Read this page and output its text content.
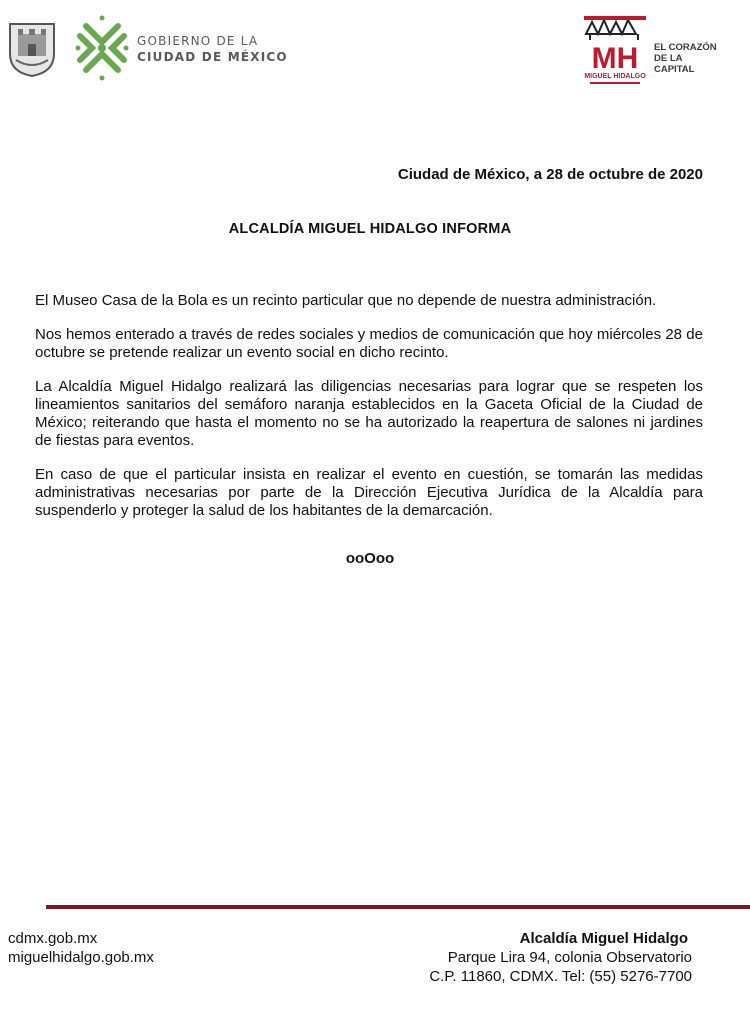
GOBIERNO DE LA
CIUDAD DE MÉXICO	MH
MIGUEL HIDALGO
EL CORAZÓN
DE LA
CAPITAL
Ciudad de México, a 28 de octubre de 2020
ALCALDÍA MIGUEL HIDALGO INFORMA

El Museo Casa de la Bola es un recinto particular que no depende de nuestra administración.

Nos hemos enterado a través de redes sociales y medios de comunicación que hoy miércoles 28 de octubre se pretende realizar un evento social en dicho recinto.

La Alcaldía Miguel Hidalgo realizará las diligencias necesarias para lograr que se respeten los lineamientos sanitarios del semáforo naranja establecidos en la Gaceta Oficial de la Ciudad de México; reiterando que hasta el momento no se ha autorizado la reapertura de salones ni jardines de fiestas para eventos.

En caso de que el particular insista en realizar el evento en cuestión, se tomarán las medidas administrativas necesarias por parte de la Dirección Ejecutiva Jurídica de la Alcaldía para suspenderlo y proteger la salud de los habitantes de la demarcación.

ooOoo
cdmx.gob.mx
miguelhidalgo.gob.mx
Alcaldía Miguel Hidalgo
Parque Lira 94, colonia Observatorio
C.P. 11860, CDMX. Tel: (55) 5276-7700
